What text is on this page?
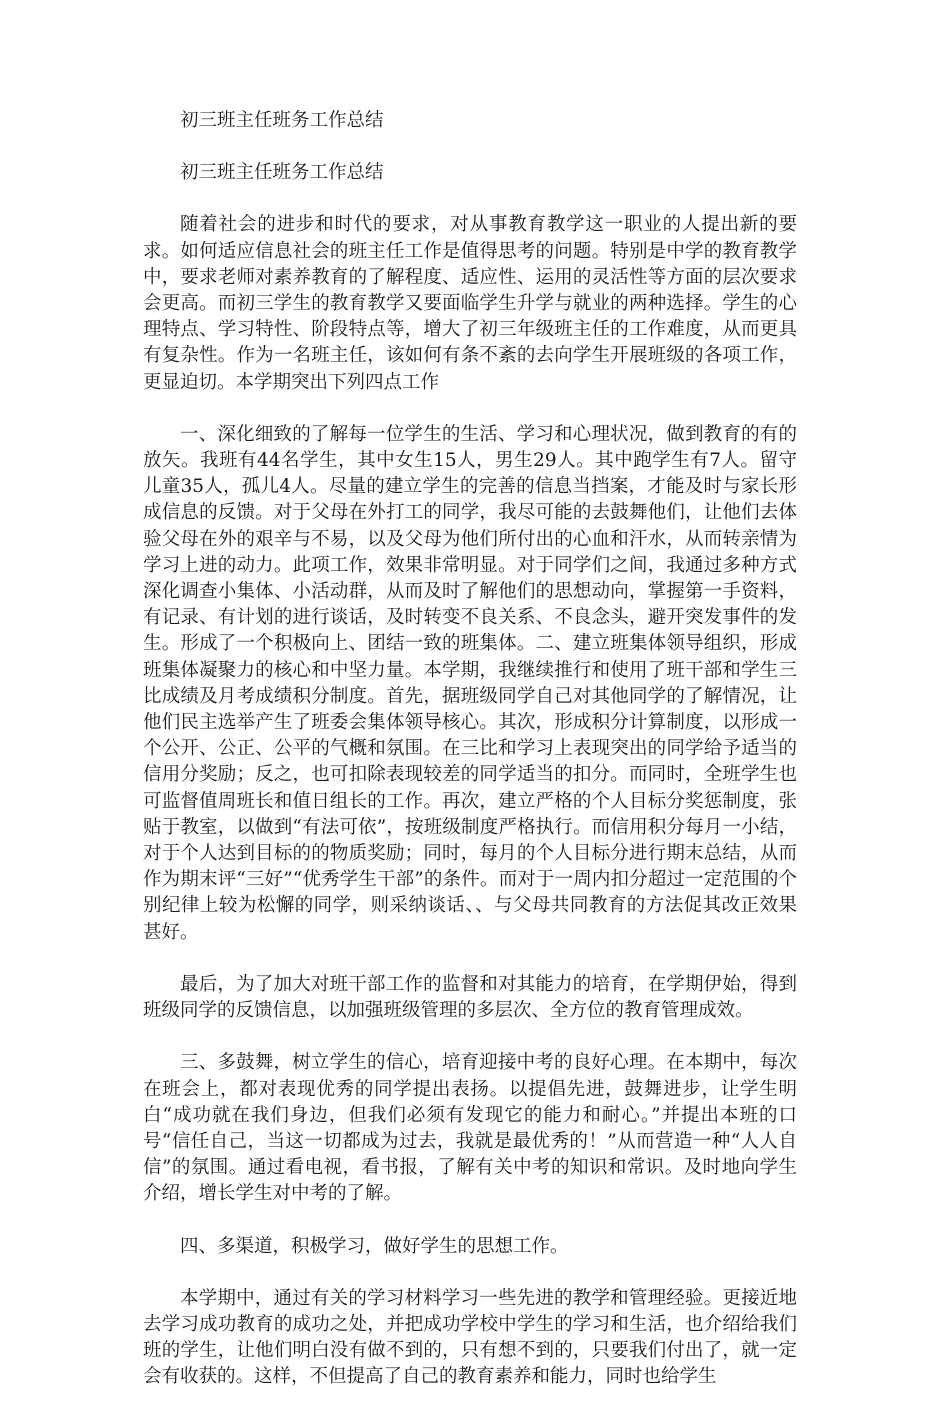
初三班主任班务工作总结

初三班主任班务工作总结

随着社会的进步和时代的要求，对从事教育教学这一职业的人提出新的要求。如何适应信息社会的班主任工作是值得思考的问题。特别是中学的教育教学中，要求老师对素养教育的了解程度、适应性、运用的灵活性等方面的层次要求会更高。而初三学生的教育教学又要面临学生升学与就业的两种选择。学生的心理特点、学习特性、阶段特点等，增大了初三年级班主任的工作难度，从而更具有复杂性。作为一名班主任，该如何有条不紊的去向学生开展班级的各项工作，更显迫切。本学期突出下列四点工作

一、深化细致的了解每一位学生的生活、学习和心理状况，做到教育的有的放矢。我班有44名学生，其中女生15人，男生29人。其中跑学生有7人。留守儿童35人，孤儿4人。尽量的建立学生的完善的信息当挡案，才能及时与家长形成信息的反馈。对于父母在外打工的同学，我尽可能的去鼓舞他们，让他们去体验父母在外的艰辛与不易，以及父母为他们所付出的心血和汗水，从而转亲情为学习上进的动力。此项工作，效果非常明显。对于同学们之间，我通过多种方式深化调查小集体、小活动群，从而及时了解他们的思想动向，掌握第一手资料，有记录、有计划的进行谈话，及时转变不良关系、不良念头，避开突发事件的发生。形成了一个积极向上、团结一致的班集体。二、建立班集体领导组织，形成班集体凝聚力的核心和中坚力量。本学期，我继续推行和使用了班干部和学生三比成绩及月考成绩积分制度。首先，据班级同学自己对其他同学的了解情况，让他们民主选举产生了班委会集体领导核心。其次，形成积分计算制度，以形成一个公开、公正、公平的气概和氛围。在三比和学习上表现突出的同学给予适当的信用分奖励；反之，也可扣除表现较差的同学适当的扣分。而同时，全班学生也可监督值周班长和值日组长的工作。再次，建立严格的个人目标分奖惩制度，张贴于教室，以做到“有法可依”，按班级制度严格执行。而信用积分每月一小结，对于个人达到目标的的物质奖励；同时，每月的个人目标分进行期末总结，从而作为期末评“三好”“优秀学生干部”的条件。而对于一周内扣分超过一定范围的个别纪律上较为松懈的同学，则采纳谈话、、与父母共同教育的方法促其改正效果甚好。

最后，为了加大对班干部工作的监督和对其能力的培育，在学期伊始，得到班级同学的反馈信息，以加强班级管理的多层次、全方位的教育管理成效。

三、多鼓舞，树立学生的信心，培育迎接中考的良好心理。在本期中，每次在班会上，都对表现优秀的同学提出表扬。以提倡先进，鼓舞进步，让学生明白“成功就在我们身边，但我们必须有发现它的能力和耐心。”并提出本班的口号“信任自己，当这一切都成为过去，我就是最优秀的！”从而营造一种“人人自信”的氛围。通过看电视，看书报，了解有关中考的知识和常识。及时地向学生介绍，增长学生对中考的了解。

四、多渠道，积极学习，做好学生的思想工作。

本学期中，通过有关的学习材料学习一些先进的教学和管理经验。更接近地去学习成功教育的成功之处，并把成功学校中学生的学习和生活，也介绍给我们班的学生，让他们明白没有做不到的，只有想不到的，只要我们付出了，就一定会有收获的。这样，不但提高了自己的教育素养和能力，同时也给学生
